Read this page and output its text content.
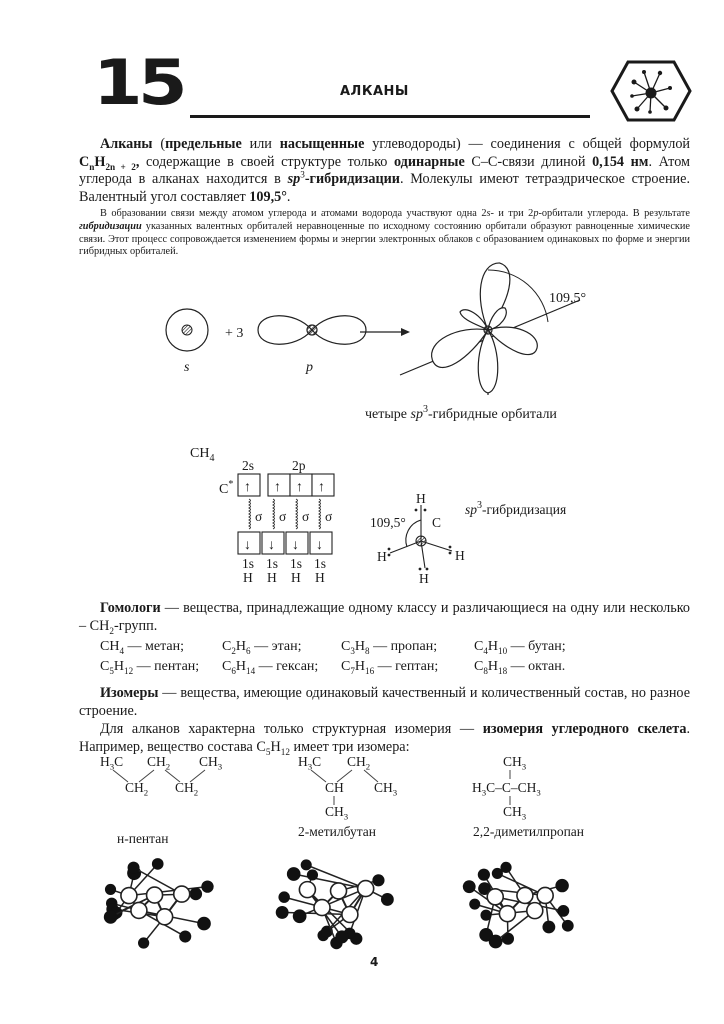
15	АЛКАНЫ
Алканы (предельные или насыщенные углеводороды) — соединения с общей формулой $C_nH_{2n + 2}$, содержащие в своей структуре только одинарные C–C-связи длиной 0,154 нм. Атом углерода в алканах находится в $sp^3$-гибридизации. Молекулы имеют тетраэдрическое строение. Валентный угол составляет 109,5°.
В образовании связи между атомом углерода и атомами водорода участвуют одна 2s- и три 2p-орбитали углерода. В результате гибридизации указанных валентных орбиталей неравноценные по исходному состоянию орбитали образуют равноценные химические связи. Этот процесс сопровождается изменением формы и энергии электронных облаков с образованием одинаковых по форме и энергии гибридных орбиталей.
s
+ 3
p
109,5°
четыре $sp^3$-гибридные орбитали
$CH_4$ 2s	2p
C* ↑ ↑ ↑ ↑
↓
1s
H
σ
↓
1s
H
σ
↓
1s
H
σ
↓
1s
H
σ	109,5°
H
C
H	H
H
$sp^3$-гибридизация
Гомологи — вещества, принадлежащие одному классу и различающиеся на одну или несколько – $CH_2$-групп.
$CH_4$ — метан;	$C_2H_6$ — этан;	$C_3H_8$ — пропан;	$C_4H_{10}$ — бутан;
$C_5H_{12}$ — пентан;	$C_6H_{14}$ — гексан;	$C_7H_{16}$ — гептан;	$C_8H_{18}$ — октан.
Изомеры — вещества, имеющие одинаковый качественный и количественный состав, но разное строение.
Для алканов характерна только структурная изомерия — изомерия углеродного скелета. Например, вещество состава $C_5H_{12}$ имеет три изомера:
$H_3C$ $CH_2$ $CH_3$
$CH_2$ $CH_2$
н-пентан
$H_3C$ $CH_2$
CH $CH_3$
$CH_3$
2-метилбутан
$CH_3$
$H_3C-C-CH_3$
$CH_3$
2,2-диметилпропан
4
